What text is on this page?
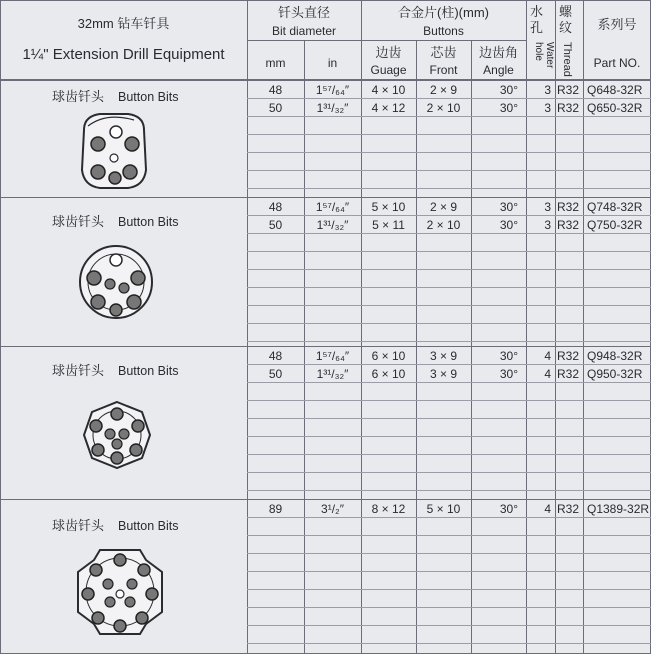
32mm 钻车钎具
1¼" Extension Drill Equipment
钎头直径
Bit diameter
mm	in
合金片(柱)(mm)
Buttons
边齿
Guage
芯齿
Front
边齿角
Angle
水孔
Water hole
螺纹
Thread
系列号
Part NO.
球齿钎头 Button Bits
球齿钎头 Button Bits
球齿钎头 Button Bits
球齿钎头 Button Bits
48	1⁵⁷/₆₄″	4 × 10	2 × 9	30°	3 R32 Q648-32R
50	1³¹/₃₂″	4 × 12	2 × 10	30°	3 R32 Q650-32R
48	1⁵⁷/₆₄″	5 × 10	2 × 9	30°	3 R32 Q748-32R
50	1³¹/₃₂″	5 × 11	2 × 10	30°	3 R32 Q750-32R
48	1⁵⁷/₆₄″	6 × 10	3 × 9	30°	4 R32 Q948-32R
50	1³¹/₃₂″	6 × 10	3 × 9	30°	4 R32 Q950-32R
89	3¹/₂″	8 × 12	5 × 10	30°	4 R32 Q1389-32R
